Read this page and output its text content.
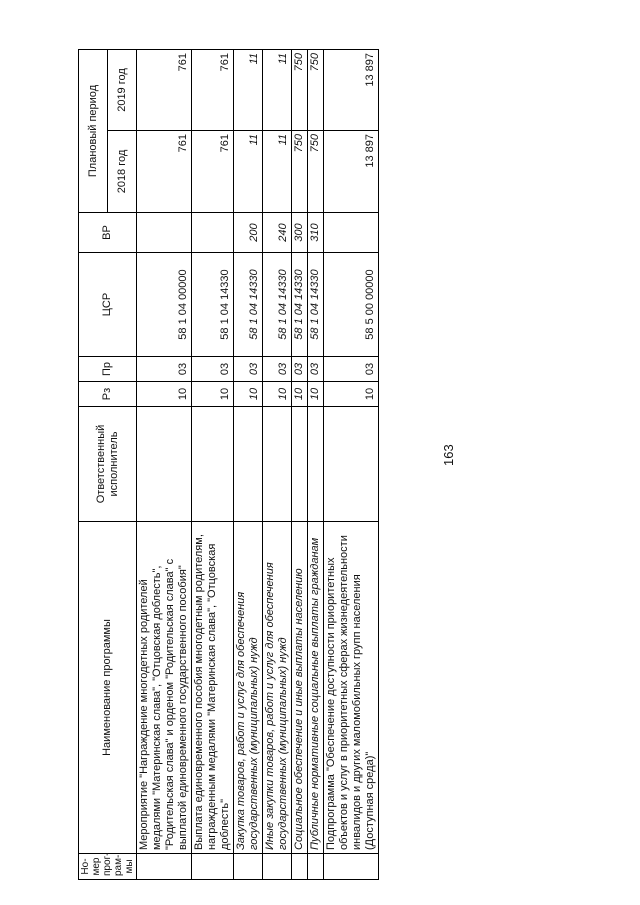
163
Но-мер прог-рам-мы	Наименование программы	Ответственный исполнитель	Рз	Пр	ЦСР	ВР	Плановый период	
							2018 год	2019 год
	Мероприятие "Награждение многодетных родителей медалями "Материнская слава", "Отцовская доблесть", "Родительская слава" и орденом "Родительская слава" с выплатой единовременного государственного пособия"		10	03	58 1 04 00000		761	761
	Выплата единовременного пособия многодетным родителям, награжденным медалями "Материнская слава", "Отцовская доблесть"		10	03	58 1 04 14330		761	761
	Закупка товаров, работ и услуг для обеспечения государственных (муниципальных) нужд		10	03	58 1 04 14330	200	11	11
	Иные закупки товаров, работ и услуг для обеспечения государственных (муниципальных) нужд		10	03	58 1 04 14330	240	11	11
	Социальное обеспечение и иные выплаты населению		10	03	58 1 04 14330	300	750	750
	Публичные нормативные социальные выплаты гражданам		10	03	58 1 04 14330	310	750	750
	Подпрограмма "Обеспечение доступности приоритетных объектов и услуг в приоритетных сферах жизнедеятельности инвалидов и других маломобильных групп населения (Доступная среда)"		10	03	58 5 00 00000		13 897	13 897
